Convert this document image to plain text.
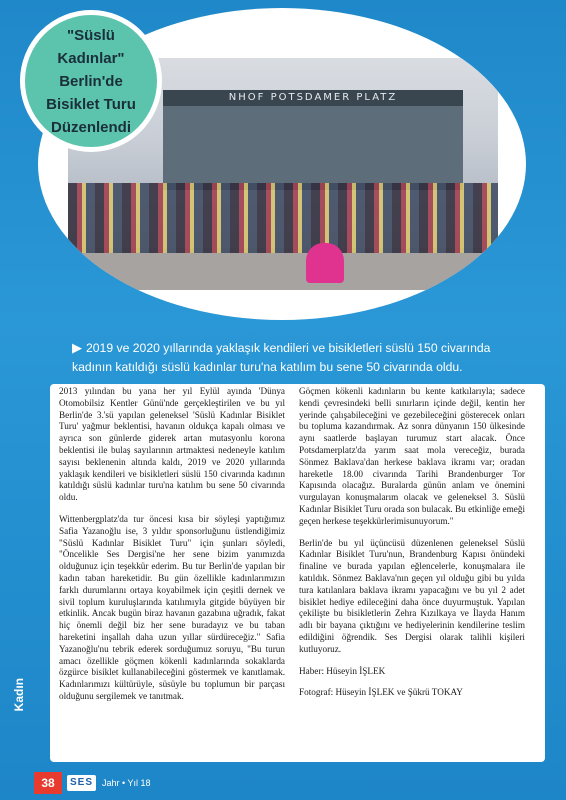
NHOF POTSDAMER PLATZ
"Süslü Kadınlar" Berlin'de Bisiklet Turu Düzenlendi
▶ 2019 ve 2020 yıllarında yaklaşık kendileri ve bisikletleri süslü 150 civarında kadının katıldığı süslü kadınlar turu'na katılım bu sene 50 civarında oldu.

2013 yılından bu yana her yıl Eylül ayında 'Dünya Otomobilsiz Kentler Günü'nde gerçekleştirilen ve bu yıl Berlin'de 3.'sü yapılan geleneksel 'Süslü Kadınlar Bisiklet Turu' yağmur beklentisi, havanın oldukça kapalı olması ve ayrıca son günlerde giderek artan mutasyonlu korona beklentisi ile bulaş sayılarının artmaktesi nedeneyle katılım sayısı beklenenin altında kaldı, 2019 ve 2020 yıllarında yaklaşık kendileri ve bisikletleri süslü 150 civarında kadının katıldığı süslü kadınlar turu'na katılım bu sene 50 civarında oldu.

Wittenbergplatz'da tur öncesi kısa bir söyleşi yaptığımız Safia Yazanoğlu ise, 3 yıldır sponsorluğunu üstlendiğimiz "Süslü Kadınlar Bisiklet Turu" için şunları söyledi, "Öncelikle Ses Dergisi'ne her sene bizim yanımızda olduğunuz için teşekkür ederim. Bu tur Berlin'de yapılan bir kadın taban hareketidir. Bu gün özellikle kadınlarımızın farklı durumlarını ortaya koyabilmek için çeşitli dernek ve sivil toplum kuruluşlarında katılımıyla gitgide büyüyen bir etkinlik. Ancak bugün biraz havanın gazabına uğradık, fakat hiç önemli değil biz her sene buradayız ve bu taban hareketini inşallah daha uzun yıllar sürdüreceğiz." Safia Yazanoğlu'nu tebrik ederek sorduğumuz soruyu, "Bu turun amacı özellikle göçmen kökenli kadınlarında sokaklarda özgürce bisiklet kullanabileceğini göstermek ve kanıtlamak. Kadınlarımızı kültürüyle, süsüyle bu toplumun bir parçası olduğunu sergilemek ve tanıtmak.

Göçmen kökenli kadınların bu kente katkılarıyla; sadece kendi çevresindeki belli sınırların içinde değil, kentin her yerinde çalışabileceğini ve gezebileceğini gösterecek onları bu topluma kazandırmak. Az sonra dünyanın 150 ülkesinde aynı saatlerde başlayan turumuz start alacak. Önce Potsdamerplatz'da yarım saat mola vereceğiz, burada Sönmez Baklava'dan herkese baklava ikramı var; oradan hareketle 18.00 civarında Tarihi Brandenburger Tor Kapısında olacağız. Buralarda günün anlam ve önemini vurgulayan konuşmalarım olacak ve geleneksel 3. Süslü Kadınlar Bisiklet Turu orada son bulacak. Bu etkinliğe emeği geçen herkese teşekkürlerimisunuyorum."

Berlin'de bu yıl üçüncüsü düzenlenen geleneksel Süslü Kadınlar Bisiklet Turu'nun, Brandenburg Kapısı önündeki finaline ve burada yapılan eğlencelerle, konuşmalara ile katıldık. Sönmez Baklava'nın geçen yıl olduğu gibi bu yılda tura katılanlara baklava ikramı yapacağını ve bu yıl 2 adet bisiklet hediye edileceğini daha önce duyurmuştuk. Yapılan çekilişte bu bisikletlerin Zehra Kızılkaya ve İlayda Hanım adlı bir bayana çıktığını ve hediyelerinin kendilerine teslim edildiğini öğrendik. Ses Dergisi olarak talihli kişileri kutluyoruz.

Haber: Hüseyin İŞLEK

Fotograf: Hüseyin İŞLEK ve Şükrü TOKAY

Kadın
38	SES Jahr • Yıl 18
